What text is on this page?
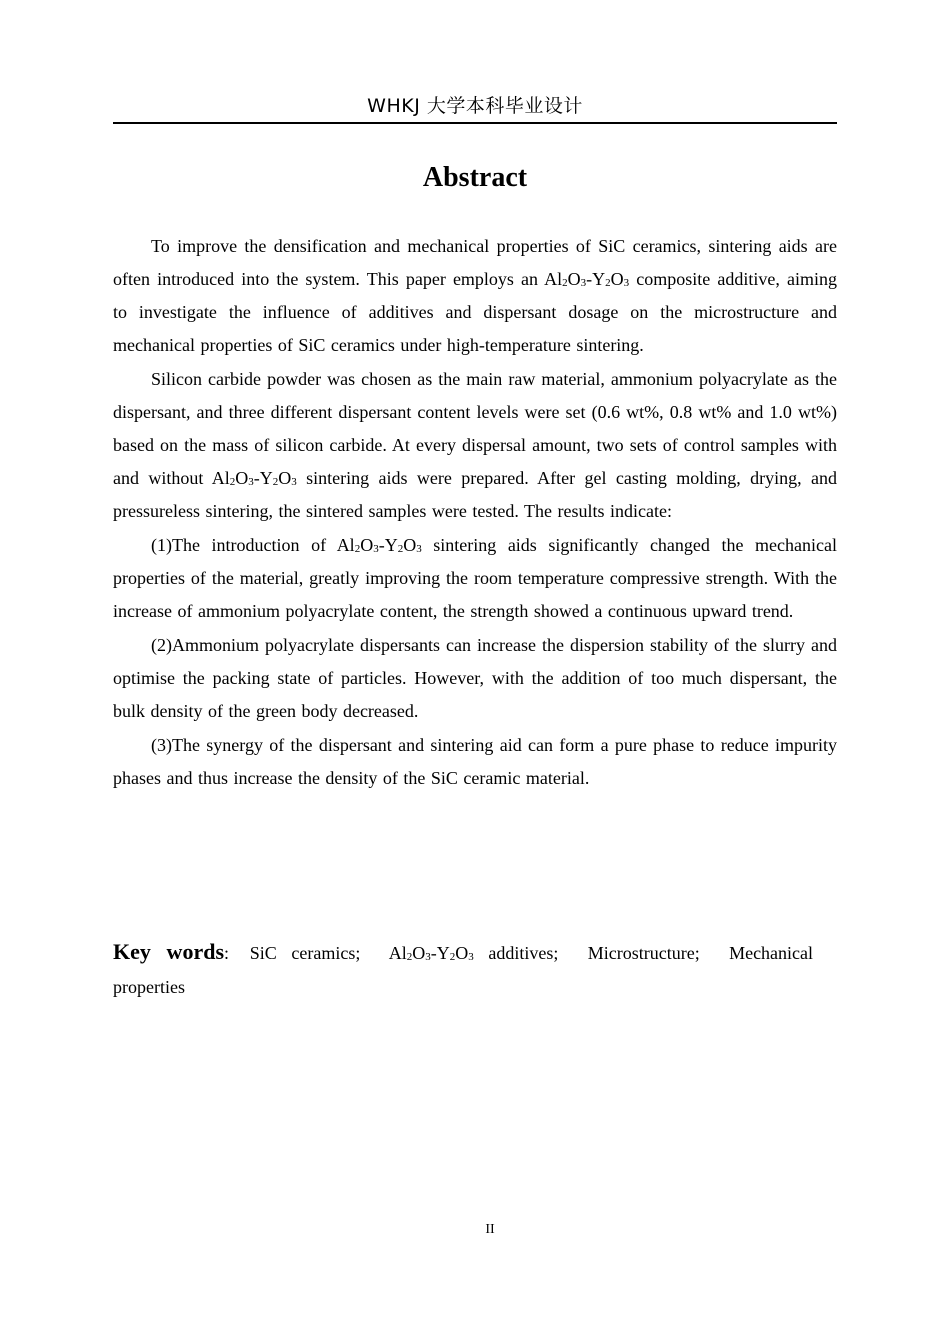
WHKJ 大学本科毕业设计
Abstract

To improve the densification and mechanical properties of SiC ceramics, sintering aids are often introduced into the system. This paper employs an $Al_2O_3-Y_2O_3$ composite additive, aiming to investigate the influence of additives and dispersant dosage on the microstructure and mechanical properties of SiC ceramics under high-temperature sintering.

Silicon carbide powder was chosen as the main raw material, ammonium polyacrylate as the dispersant, and three different dispersant content levels were set (0.6 wt%, 0.8 wt% and 1.0 wt%) based on the mass of silicon carbide. At every dispersal amount, two sets of control samples with and without $Al_2O_3-Y_2O_3$ sintering aids were prepared. After gel casting molding, drying, and pressureless sintering, the sintered samples were tested. The results indicate:

(1)The introduction of $Al_2O_3-Y_2O_3$ sintering aids significantly changed the mechanical properties of the material, greatly improving the room temperature compressive strength. With the increase of ammonium polyacrylate content, the strength showed a continuous upward trend.

(2)Ammonium polyacrylate dispersants can increase the dispersion stability of the slurry and optimise the packing state of particles. However, with the addition of too much dispersant, the bulk density of the green body decreased.

(3)The synergy of the dispersant and sintering aid can form a pure phase to reduce impurity phases and thus increase the density of the SiC ceramic material.

Key words: SiC ceramics; $Al_2O_3-Y_2O_3$ additives; Microstructure; Mechanical properties
II
